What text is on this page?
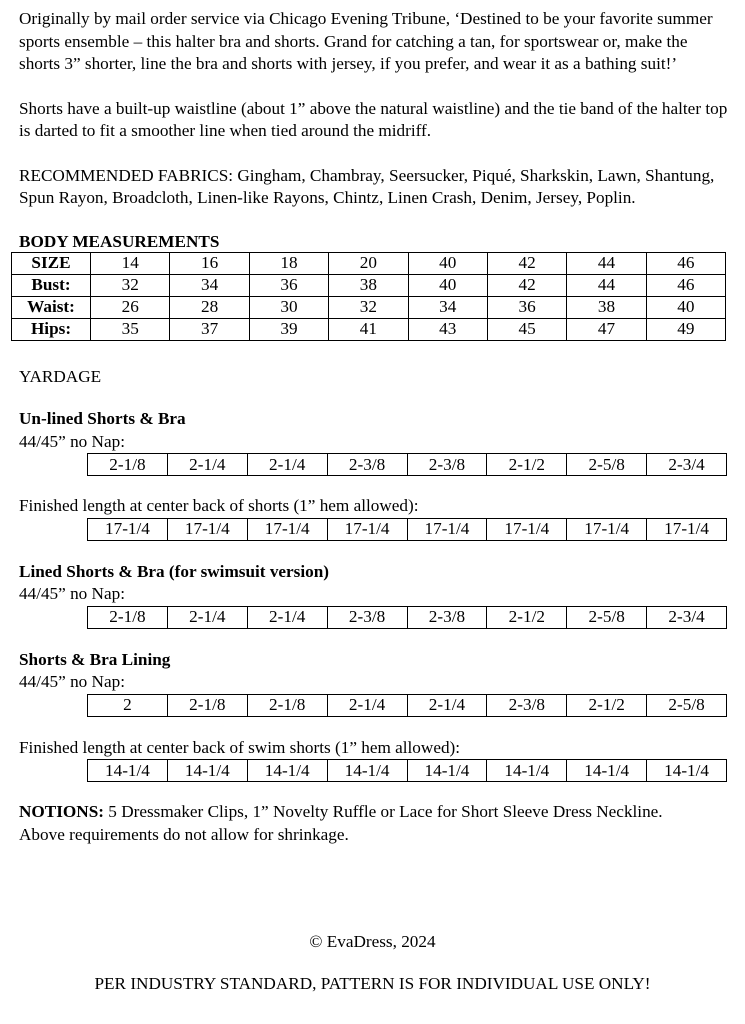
Originally by mail order service via Chicago Evening Tribune, ‘Destined to be your favorite summer sports ensemble – this halter bra and shorts. Grand for catching a tan, for sportswear or, make the shorts 3” shorter, line the bra and shorts with jersey, if you prefer, and wear it as a bathing suit!’

Shorts have a built-up waistline (about 1” above the natural waistline) and the tie band of the halter top is darted to fit a smoother line when tied around the midriff.

RECOMMENDED FABRICS: Gingham, Chambray, Seersucker, Piqué, Sharkskin, Lawn, Shantung, Spun Rayon, Broadcloth, Linen-like Rayons, Chintz, Linen Crash, Denim, Jersey, Poplin.

BODY MEASUREMENTS

SIZE	14	16	18	20	40	42	44	46
Bust:	32	34	36	38	40	42	44	46
Waist:	26	28	30	32	34	36	38	40
Hips:	35	37	39	41	43	45	47	49

YARDAGE

Un-lined Shorts & Bra

44/45” no Nap:

2-1/8	2-1/4	2-1/4	2-3/8	2-3/8	2-1/2	2-5/8	2-3/4

Finished length at center back of shorts (1” hem allowed):

17-1/4	17-1/4	17-1/4	17-1/4	17-1/4	17-1/4	17-1/4	17-1/4

Lined Shorts & Bra (for swimsuit version)

44/45” no Nap:

2-1/8	2-1/4	2-1/4	2-3/8	2-3/8	2-1/2	2-5/8	2-3/4

Shorts & Bra Lining

44/45” no Nap:

2	2-1/8	2-1/8	2-1/4	2-1/4	2-3/8	2-1/2	2-5/8

Finished length at center back of swim shorts (1” hem allowed):

14-1/4	14-1/4	14-1/4	14-1/4	14-1/4	14-1/4	14-1/4	14-1/4

NOTIONS: 5 Dressmaker Clips, 1” Novelty Ruffle or Lace for Short Sleeve Dress Neckline.

Above requirements do not allow for shrinkage.

© EvaDress, 2024
PER INDUSTRY STANDARD, PATTERN IS FOR INDIVIDUAL USE ONLY!
